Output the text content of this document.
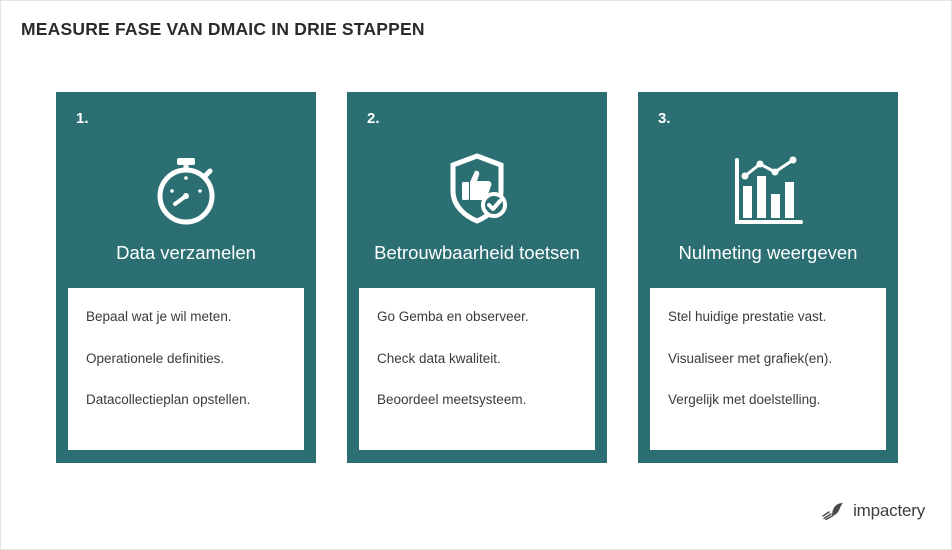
MEASURE FASE VAN DMAIC IN DRIE STAPPEN
1.
Data verzamelen
Bepaal wat je wil meten.
Operationele definities.
Datacollectieplan opstellen.
2.
Betrouwbaarheid toetsen
Go Gemba en observeer.
Check data kwaliteit.
Beoordeel meetsysteem.
3.
Nulmeting weergeven
Stel huidige prestatie vast.
Visualiseer met grafiek(en).
Vergelijk met doelstelling.
impactery
